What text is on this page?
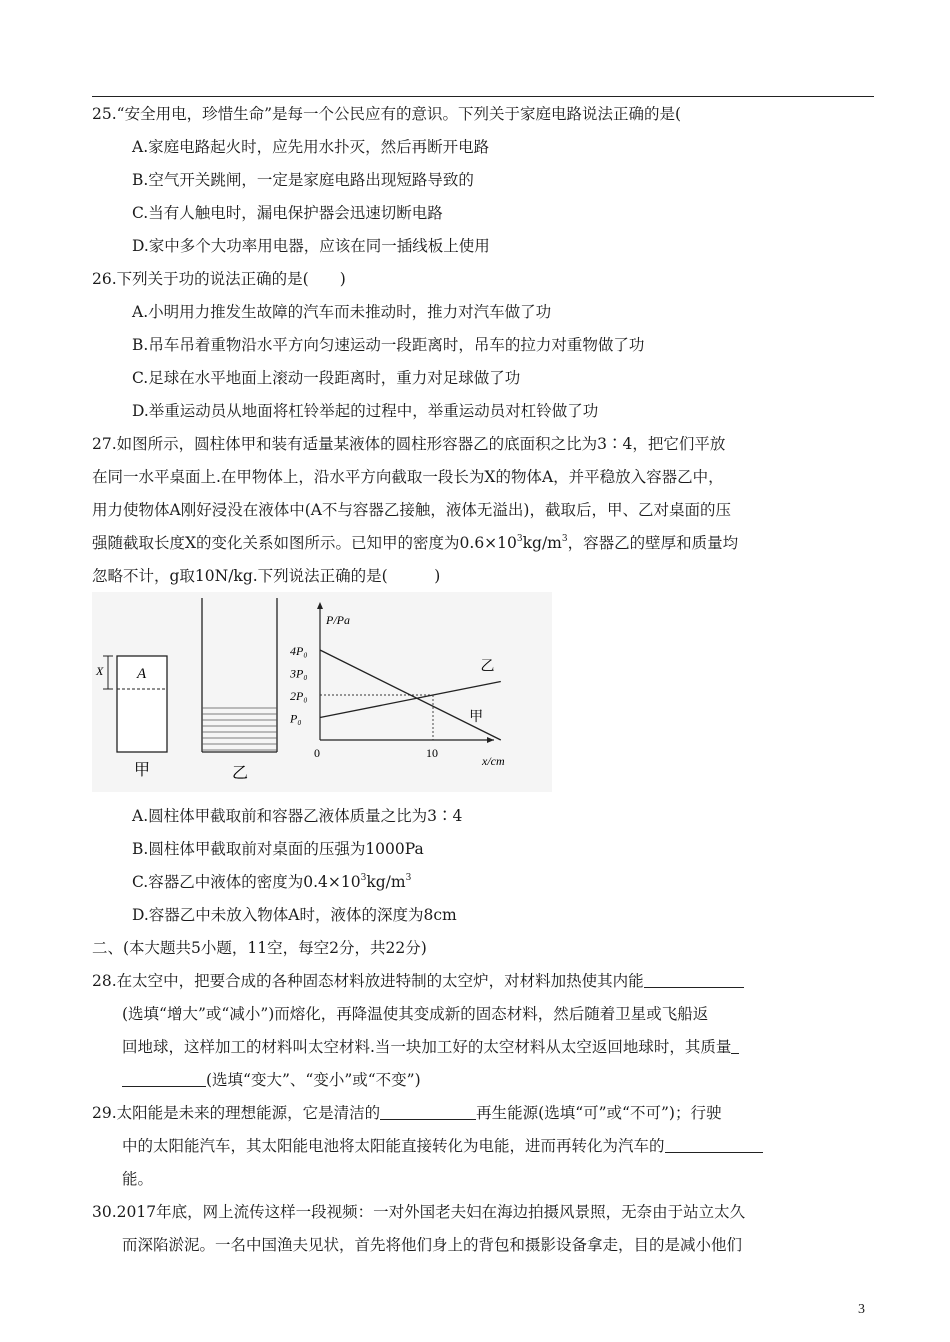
25.“安全用电，珍惜生命”是每一个公民应有的意识。下列关于家庭电路说法正确的是(
A.家庭电路起火时，应先用水扑灭，然后再断开电路
B.空气开关跳闸，一定是家庭电路出现短路导致的
C.当有人触电时，漏电保护器会迅速切断电路
D.家中多个大功率用电器，应该在同一插线板上使用
26.下列关于功的说法正确的是(　　)
A.小明用力推发生故障的汽车而未推动时，推力对汽车做了功
B.吊车吊着重物沿水平方向匀速运动一段距离时，吊车的拉力对重物做了功
C.足球在水平地面上滚动一段距离时，重力对足球做了功
D.举重运动员从地面将杠铃举起的过程中，举重运动员对杠铃做了功
27.如图所示，圆柱体甲和装有适量某液体的圆柱形容器乙的底面积之比为3∶4，把它们平放
在同一水平桌面上.在甲物体上，沿水平方向截取一段长为X的物体A，并平稳放入容器乙中，
用力使物体A刚好浸没在液体中(A不与容器乙接触，液体无溢出)，截取后，甲、乙对桌面的压
强随截取长度X的变化关系如图所示。已知甲的密度为$0.6\times 10^3kg/m^3$，容器乙的壁厚和质量均
忽略不计，g取10N/kg.下列说法正确的是(　　　)
A
X
甲	乙
P/Pa
x/cm
0
4P₀
3P₀
2P₀
P₀
10
甲
乙
A.圆柱体甲截取前和容器乙液体质量之比为3∶4
B.圆柱体甲截取前对桌面的压强为1000Pa
C.容器乙中液体的密度为$0.4\times 10^3kg/m^3$
D.容器乙中未放入物体A时，液体的深度为8cm
二、(本大题共5小题，11空，每空2分，共22分)
28.在太空中，把要合成的各种固态材料放进特制的太空炉，对材料加热使其内能
(选填“增大”或“减小”)而熔化，再降温使其变成新的固态材料，然后随着卫星或飞船返
回地球，这样加工的材料叫太空材料.当一块加工好的太空材料从太空返回地球时，其质量
(选填“变大”、“变小”或“不变”)
29.太阳能是未来的理想能源，它是清洁的	再生能源(选填“可”或“不可”)；行驶
中的太阳能汽车，其太阳能电池将太阳能直接转化为电能，进而再转化为汽车的
能。
30.2017年底，网上流传这样一段视频：一对外国老夫妇在海边拍摄风景照，无奈由于站立太久
而深陷淤泥。一名中国渔夫见状，首先将他们身上的背包和摄影设备拿走，目的是减小他们
3
